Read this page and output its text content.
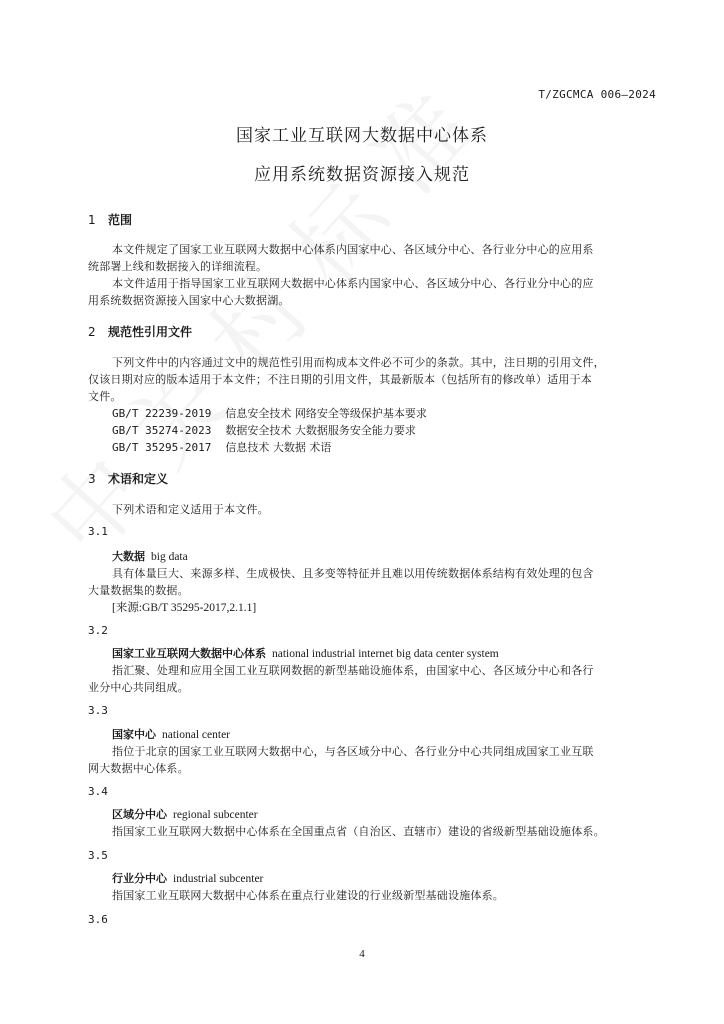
T/ZGCMCA 006—2024
国家工业互联网大数据中心体系
应用系统数据资源接入规范
1 范围
本文件规定了国家工业互联网大数据中心体系内国家中心、各区域分中心、各行业分中心的应用系
统部署上线和数据接入的详细流程。
本文件适用于指导国家工业互联网大数据中心体系内国家中心、各区域分中心、各行业分中心的应
用系统数据资源接入国家中心大数据湖。
2 规范性引用文件
下列文件中的内容通过文中的规范性引用而构成本文件必不可少的条款。其中，注日期的引用文件，
仅该日期对应的版本适用于本文件；不注日期的引用文件，其最新版本（包括所有的修改单）适用于本
文件。
GB/T 22239-2019 信息安全技术 网络安全等级保护基本要求
GB/T 35274-2023 数据安全技术 大数据服务安全能力要求
GB/T 35295-2017 信息技术 大数据 术语
3 术语和定义
下列术语和定义适用于本文件。
3.1
大数据 big data
具有体量巨大、来源多样、生成极快、且多变等特征并且难以用传统数据体系结构有效处理的包含
大量数据集的数据。
[来源:GB/T 35295-2017,2.1.1]
3.2
国家工业互联网大数据中心体系 national industrial internet big data center system
指汇聚、处理和应用全国工业互联网数据的新型基础设施体系，由国家中心、各区域分中心和各行
业分中心共同组成。
3.3
国家中心 national center
指位于北京的国家工业互联网大数据中心，与各区域分中心、各行业分中心共同组成国家工业互联
网大数据中心体系。
3.4
区域分中心 regional subcenter
指国家工业互联网大数据中心体系在全国重点省（自治区、直辖市）建设的省级新型基础设施体系。
3.5
行业分中心 industrial subcenter
指国家工业互联网大数据中心体系在重点行业建设的行业级新型基础设施体系。
3.6
4
